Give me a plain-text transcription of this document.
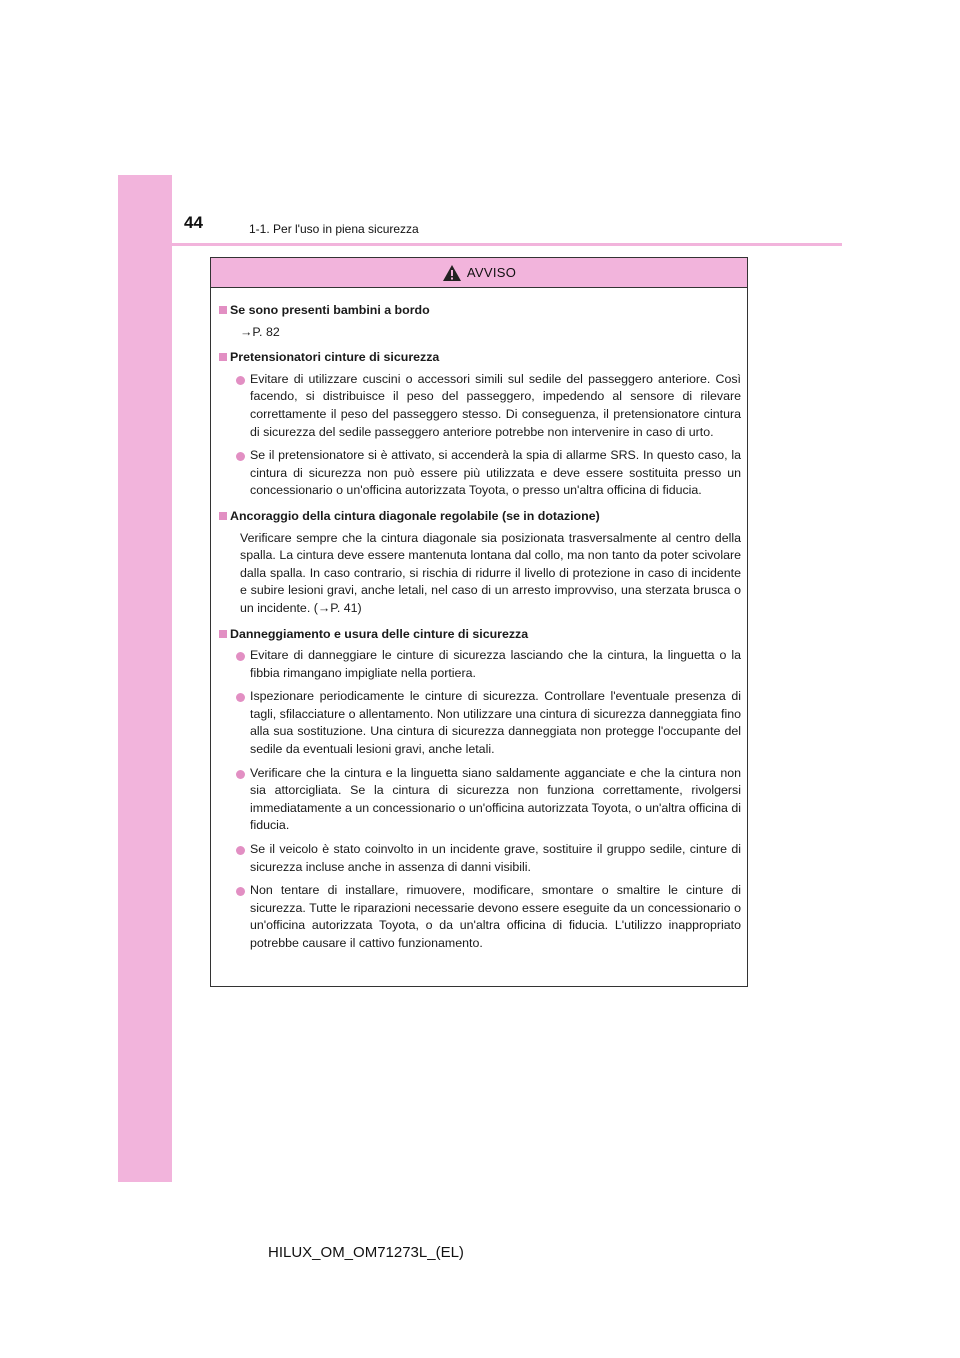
44	1-1. Per l'uso in piena sicurezza
AVVISO
Se sono presenti bambini a bordo
→P. 82
Pretensionatori cinture di sicurezza
Evitare di utilizzare cuscini o accessori simili sul sedile del passeggero anteriore. Così facendo, si distribuisce il peso del passeggero, impedendo al sensore di rilevare correttamente il peso del passeggero stesso. Di conseguenza, il pretensionatore cintura di sicurezza del sedile passeggero anteriore potrebbe non intervenire in caso di urto.
Se il pretensionatore si è attivato, si accenderà la spia di allarme SRS. In questo caso, la cintura di sicurezza non può essere più utilizzata e deve essere sostituita presso un concessionario o un'officina autorizzata Toyota, o presso un'altra officina di fiducia.
Ancoraggio della cintura diagonale regolabile (se in dotazione)
Verificare sempre che la cintura diagonale sia posizionata trasversalmente al centro della spalla. La cintura deve essere mantenuta lontana dal collo, ma non tanto da poter scivolare dalla spalla. In caso contrario, si rischia di ridurre il livello di protezione in caso di incidente e subire lesioni gravi, anche letali, nel caso di un arresto improvviso, una sterzata brusca o un incidente. (→P. 41)
Danneggiamento e usura delle cinture di sicurezza
Evitare di danneggiare le cinture di sicurezza lasciando che la cintura, la linguetta o la fibbia rimangano impigliate nella portiera.
Ispezionare periodicamente le cinture di sicurezza. Controllare l'eventuale presenza di tagli, sfilacciature o allentamento. Non utilizzare una cintura di sicurezza danneggiata fino alla sua sostituzione. Una cintura di sicurezza danneggiata non protegge l'occupante del sedile da eventuali lesioni gravi, anche letali.
Verificare che la cintura e la linguetta siano saldamente agganciate e che la cintura non sia attorcigliata. Se la cintura di sicurezza non funziona correttamente, rivolgersi immediatamente a un concessionario o un'officina autorizzata Toyota, o un'altra officina di fiducia.
Se il veicolo è stato coinvolto in un incidente grave, sostituire il gruppo sedile, cinture di sicurezza incluse anche in assenza di danni visibili.
Non tentare di installare, rimuovere, modificare, smontare o smaltire le cinture di sicurezza. Tutte le riparazioni necessarie devono essere eseguite da un concessionario o un'officina autorizzata Toyota, o da un'altra officina di fiducia. L'utilizzo inappropriato potrebbe causare il cattivo funzionamento.
HILUX_OM_OM71273L_(EL)
